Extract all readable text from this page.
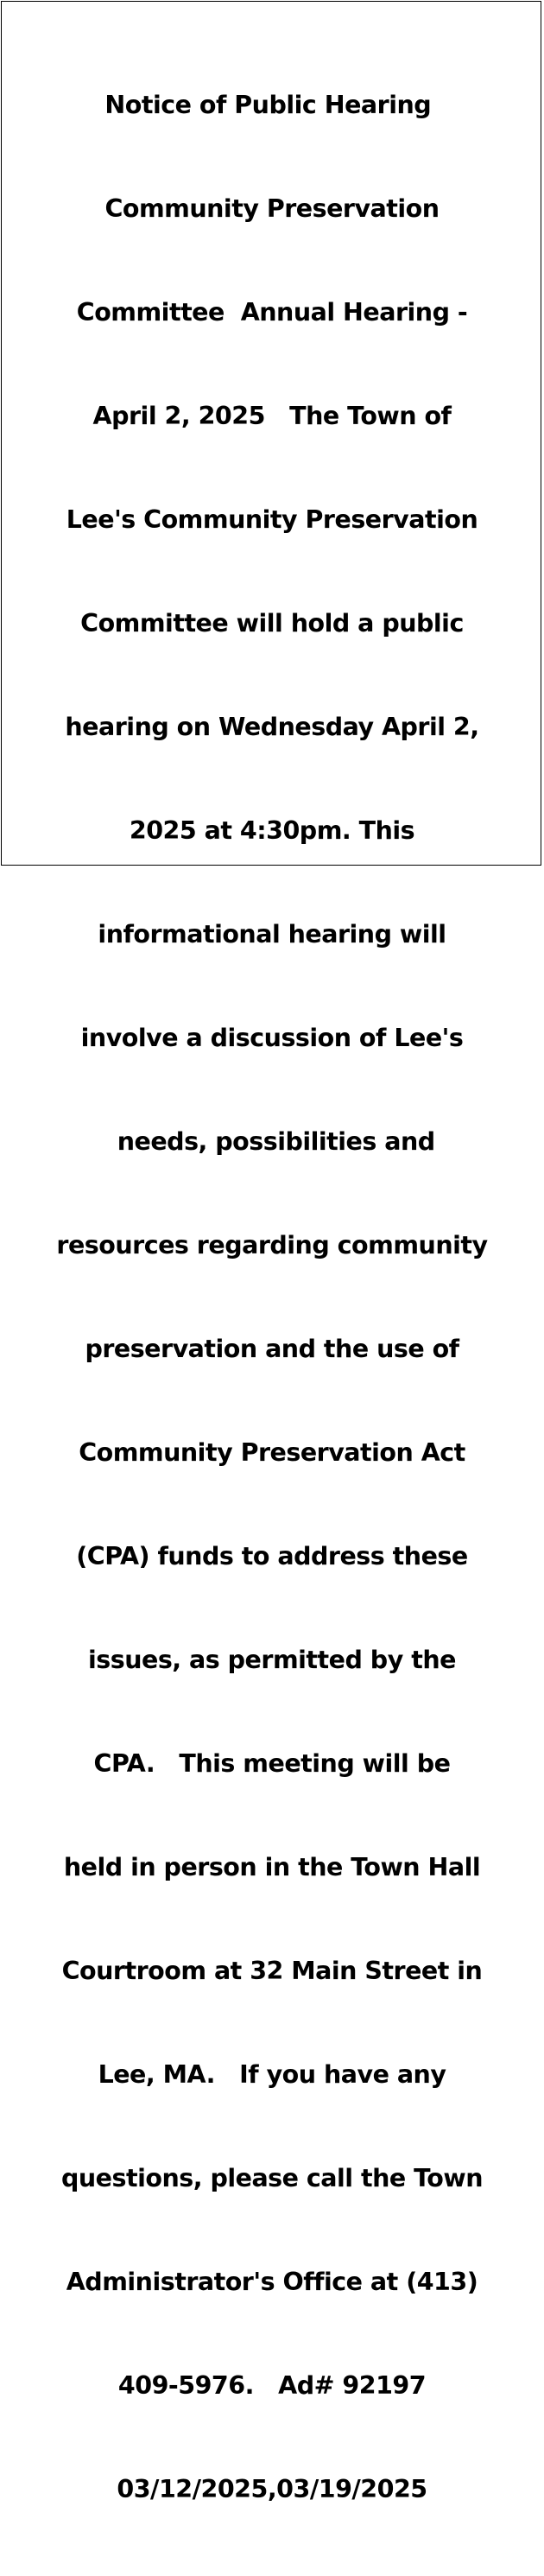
Notice of Public Hearing

Community Preservation

Committee  Annual Hearing -

April 2, 2025   The Town of

Lee's Community Preservation

Committee will hold a public

hearing on Wednesday April 2,

2025 at 4:30pm. This

informational hearing will

involve a discussion of Lee's

needs, possibilities and

resources regarding community

preservation and the use of

Community Preservation Act

(CPA) funds to address these

issues, as permitted by the

CPA.   This meeting will be

held in person in the Town Hall

Courtroom at 32 Main Street in

Lee, MA.   If you have any

questions, please call the Town

Administrator's Office at (413)

409-5976.   Ad# 92197

03/12/2025,03/19/2025
